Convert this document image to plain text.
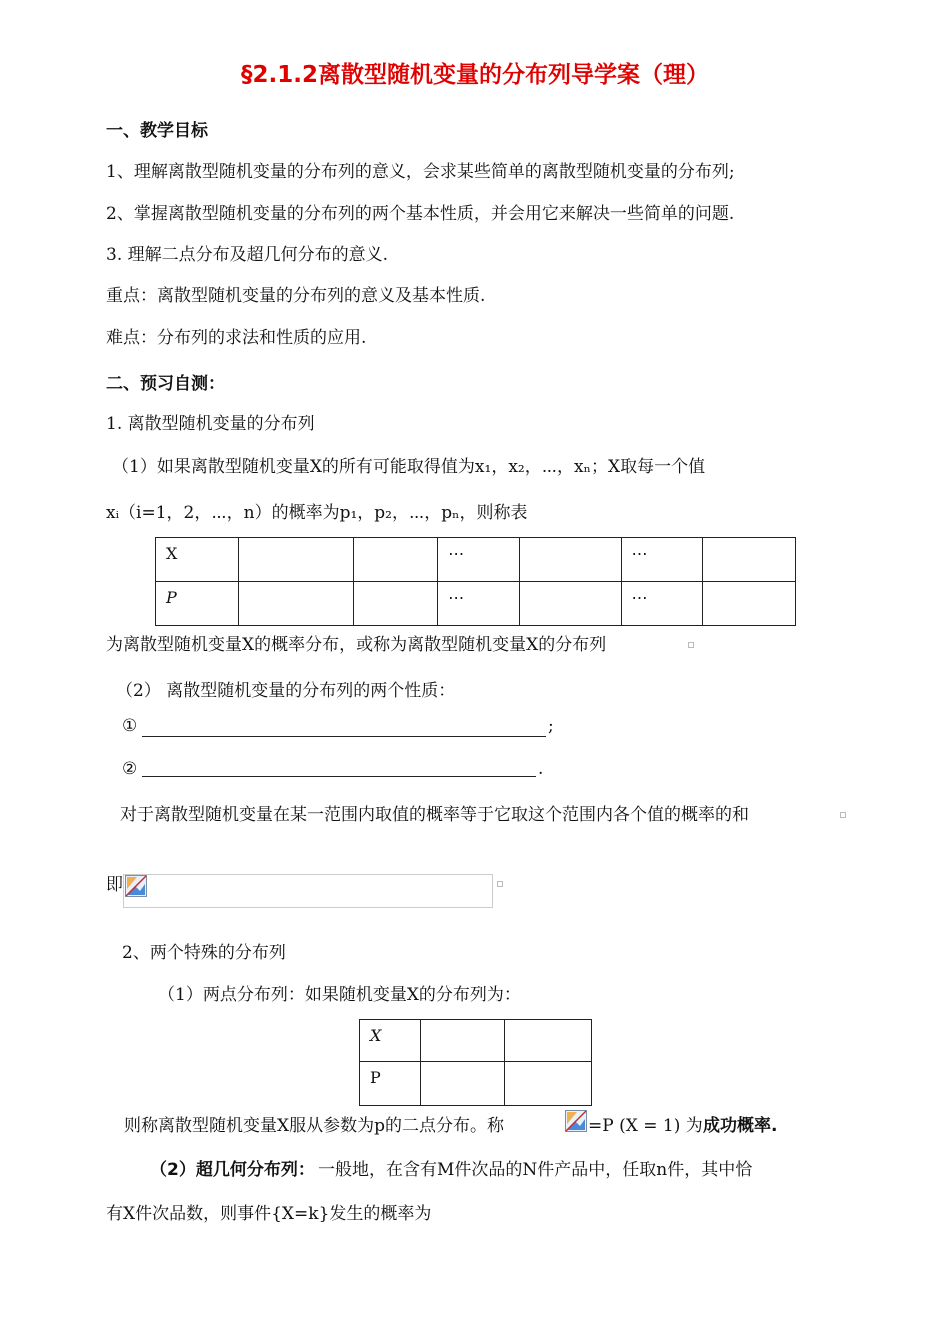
§2.1.2离散型随机变量的分布列导学案（理）
一、教学目标
1、理解离散型随机变量的分布列的意义，会求某些简单的离散型随机变量的分布列;
2、掌握离散型随机变量的分布列的两个基本性质，并会用它来解决一些简单的问题.
3. 理解二点分布及超几何分布的意义.
重点：离散型随机变量的分布列的意义及基本性质.
难点：分布列的求法和性质的应用.
二、预习自测：
1. 离散型随机变量的分布列
（1）如果离散型随机变量X的所有可能取得值为x₁，x₂，⋯，xₙ；X取每一个值
xᵢ（i=1，2，⋯，n）的概率为p₁，p₂，⋯，pₙ，则称表
X			⋯		⋯	
P			⋯		⋯	
为离散型随机变量X的概率分布，或称为离散型随机变量X的分布列
（2） 离散型随机变量的分布列的两个性质：
①	;
②	.
对于离散型随机变量在某一范围内取值的概率等于它取这个范围内各个值的概率的和
即
2、两个特殊的分布列
（1）两点分布列：如果随机变量X的分布列为：
X		
P		
则称离散型随机变量X服从参数为p的二点分布。称	=P (X = 1) 为 成功概率.
（2）超几何分布列： 一般地，在含有M件次品的N件产品中，任取n件，其中恰
有X件次品数，则事件{X=k}发生的概率为
